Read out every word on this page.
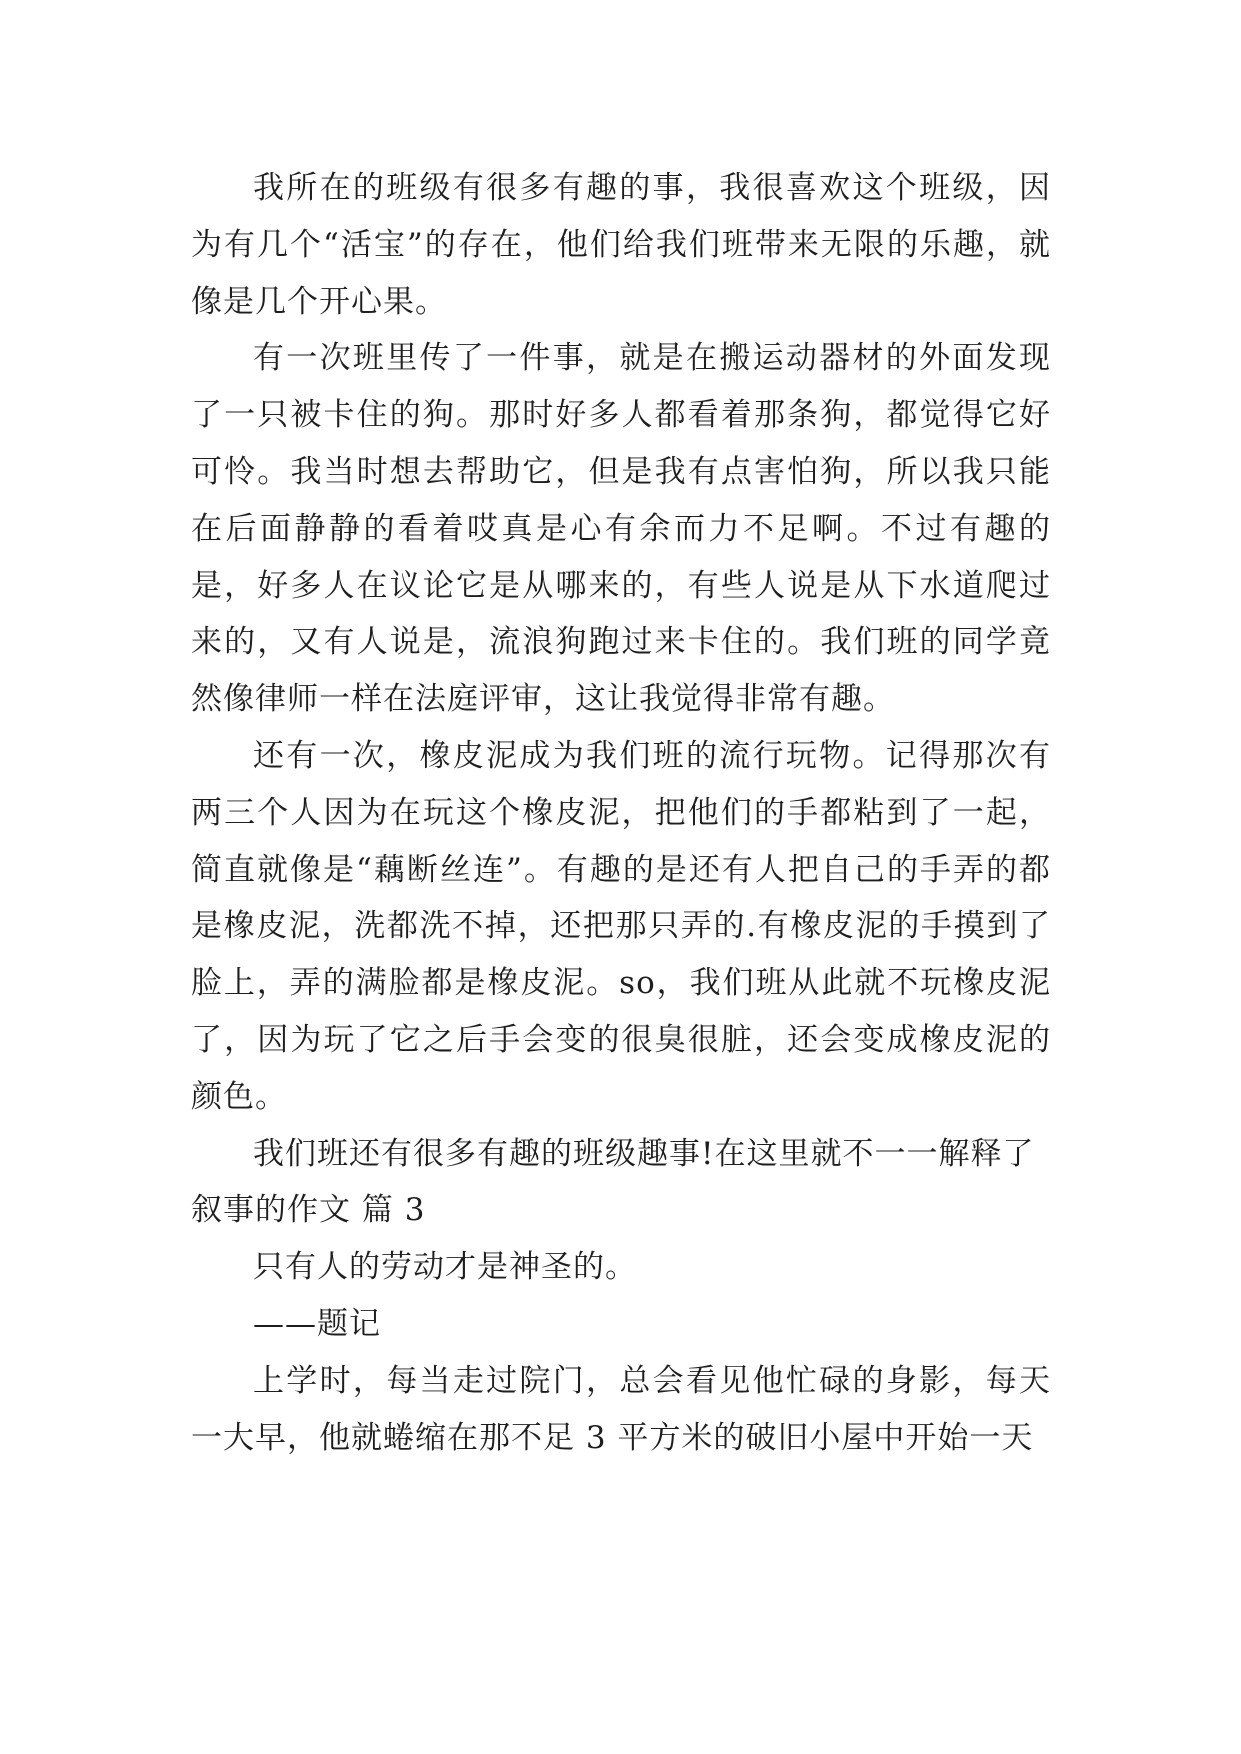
我所在的班级有很多有趣的事，我很喜欢这个班级，因为有几个“活宝”的存在，他们给我们班带来无限的乐趣，就像是几个开心果。

有一次班里传了一件事，就是在搬运动器材的外面发现了一只被卡住的狗。那时好多人都看着那条狗，都觉得它好可怜。我当时想去帮助它，但是我有点害怕狗，所以我只能在后面静静的看着哎真是心有余而力不足啊。不过有趣的是，好多人在议论它是从哪来的，有些人说是从下水道爬过来的，又有人说是，流浪狗跑过来卡住的。我们班的同学竟然像律师一样在法庭评审，这让我觉得非常有趣。

还有一次，橡皮泥成为我们班的流行玩物。记得那次有两三个人因为在玩这个橡皮泥，把他们的手都粘到了一起，简直就像是“藕断丝连”。有趣的是还有人把自己的手弄的都是橡皮泥，洗都洗不掉，还把那只弄的.有橡皮泥的手摸到了脸上，弄的满脸都是橡皮泥。so，我们班从此就不玩橡皮泥了，因为玩了它之后手会变的很臭很脏，还会变成橡皮泥的颜色。

我们班还有很多有趣的班级趣事!在这里就不一一解释了

叙事的作文 篇 3

只有人的劳动才是神圣的。

——题记

上学时，每当走过院门，总会看见他忙碌的身影，每天一大早，他就蜷缩在那不足 3 平方米的破旧小屋中开始一天
